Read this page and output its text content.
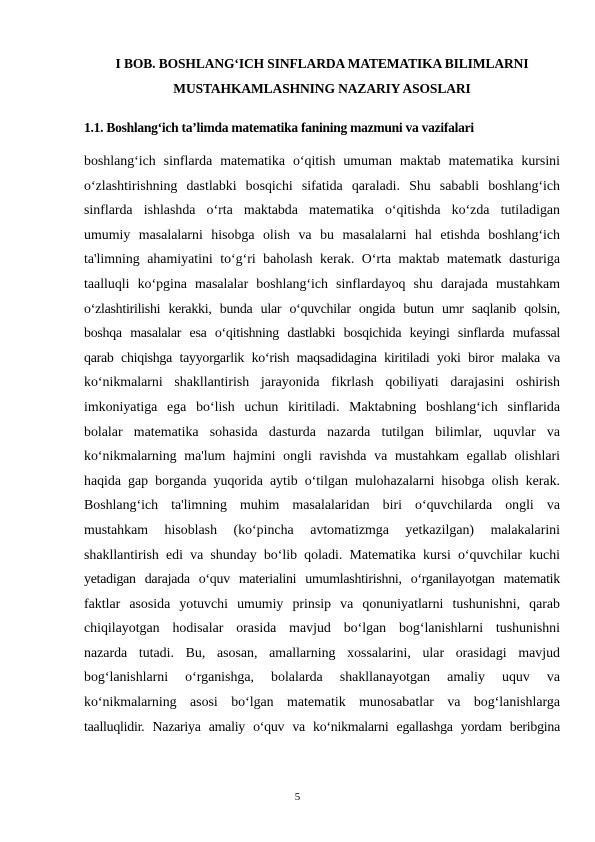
I BOB. BOSHLANG‘ICH SINFLARDA MATEMATIKA BILIMLARNI
MUSTAHKAMLASHNING NAZARIY ASOSLARI
1.1. Boshlang‘ich ta’limda matematika fanining mazmuni va vazifalari
boshlang‘ich sinflarda matematika o‘qitish umuman maktab matematika kursini
o‘zlashtirishning dastlabki bosqichi sifatida qaraladi. Shu sababli boshlang‘ich
sinflarda ishlashda o‘rta maktabda matematika o‘qitishda ko‘zda tutiladigan
umumiy masalalarni hisobga olish va bu masalalarni hal etishda boshlang‘ich
ta'limning ahamiyatini to‘g‘ri baholash kerak. O‘rta maktab matematk dasturiga
taalluqli ko‘pgina masalalar boshlang‘ich sinflardayoq shu darajada mustahkam
o‘zlashtirilishi kerakki, bunda ular o‘quvchilar ongida butun umr saqlanib qolsin,
boshqa masalalar esa o‘qitishning dastlabki bosqichida keyingi sinflarda mufassal
qarab chiqishga tayyorgarlik ko‘rish maqsadidagina kiritiladi yoki biror malaka va
ko‘nikmalarni shakllantirish jarayonida fikrlash qobiliyati darajasini oshirish
imkoniyatiga ega bo‘lish uchun kiritiladi. Maktabning boshlang‘ich sinflarida
bolalar matematika sohasida dasturda nazarda tutilgan bilimlar, uquvlar va
ko‘nikmalarning ma'lum hajmini ongli ravishda va mustahkam egallab olishlari
haqida gap borganda yuqorida aytib o‘tilgan mulohazalarni hisobga olish kerak.
Boshlang‘ich ta'limning muhim masalalaridan biri o‘quvchilarda ongli va
mustahkam hisoblash (ko‘pincha avtomatizmga yetkazilgan) malakalarini
shakllantirish edi va shunday bo‘lib qoladi. Matematika kursi o‘quvchilar kuchi
yetadigan darajada o‘quv materialini umumlashtirishni, o‘rganilayotgan matematik
faktlar asosida yotuvchi umumiy prinsip va qonuniyatlarni tushunishni, qarab
chiqilayotgan hodisalar orasida mavjud bo‘lgan bog‘lanishlarni tushunishni
nazarda tutadi. Bu, asosan, amallarning xossalarini, ular orasidagi mavjud
bog‘lanishlarni o‘rganishga, bolalarda shakllanayotgan amaliy uquv va
ko‘nikmalarning asosi bo‘lgan matematik munosabatlar va bog‘lanishlarga
taalluqlidir. Nazariya amaliy o‘quv va ko‘nikmalarni egallashga yordam beribgina
5
